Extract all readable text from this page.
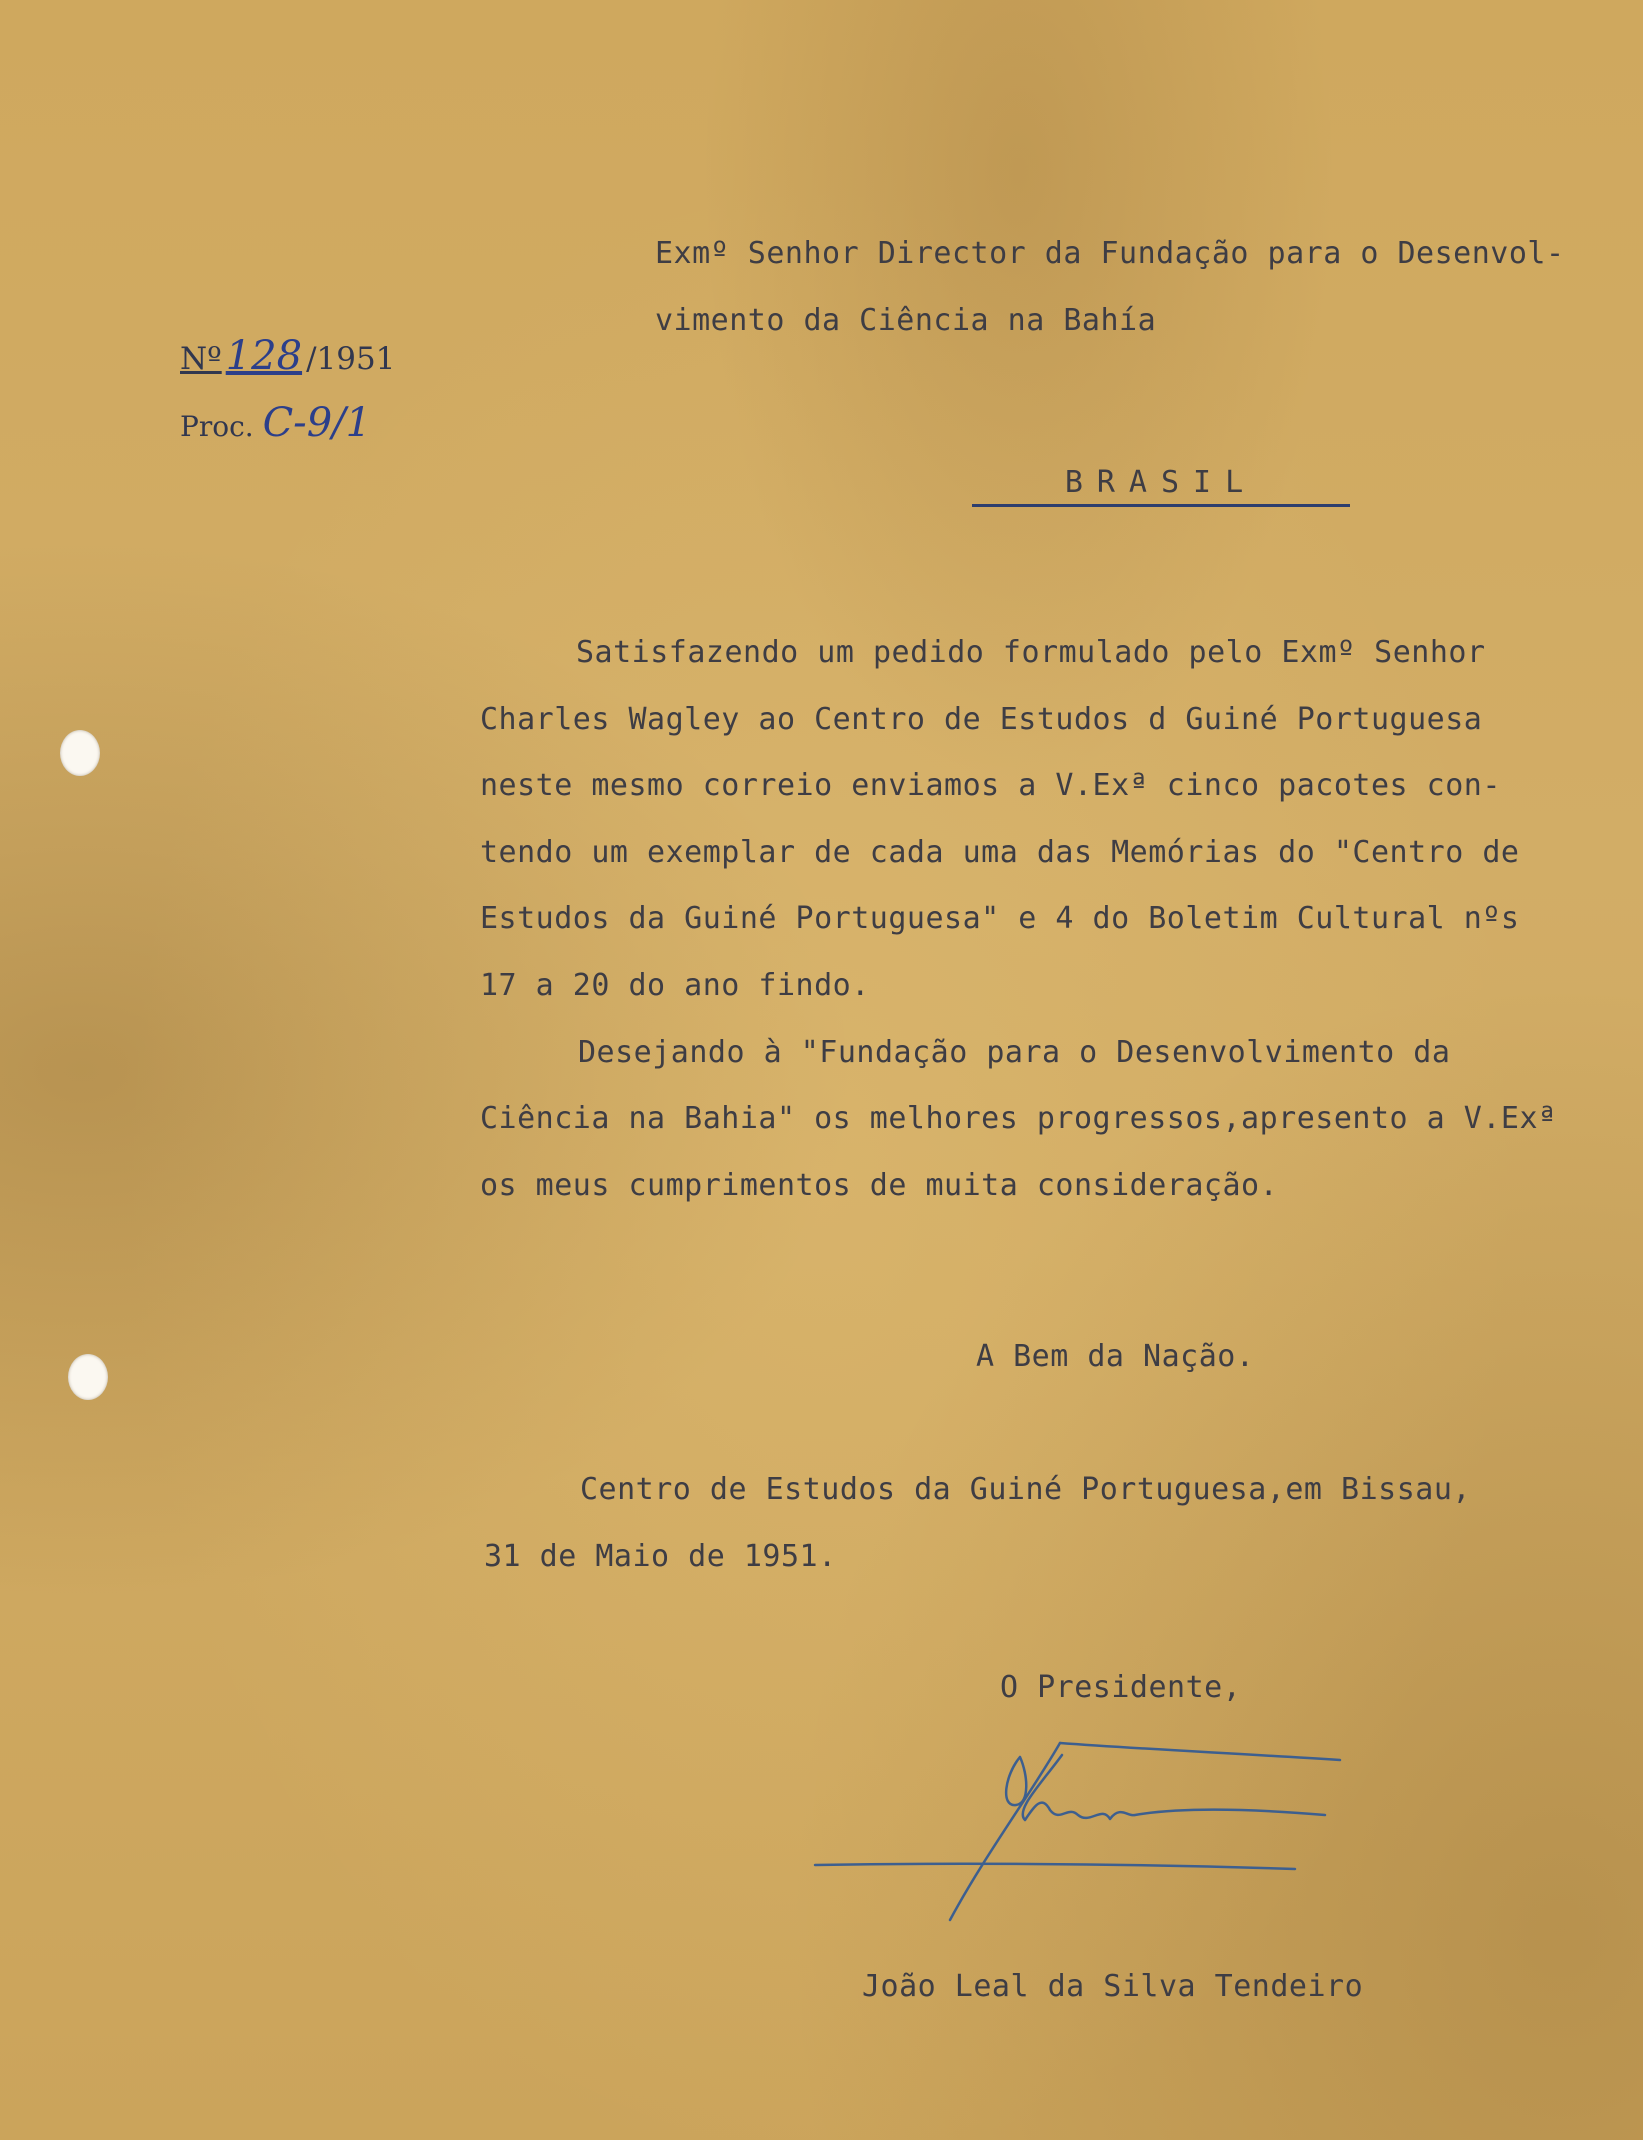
Exmº Senhor Director da Fundação para o Desenvol-
vimento da Ciência na Bahía
Nº 128 /1951
Proc. C-9/1
BRASIL
Satisfazendo um pedido formulado pelo Exmº Senhor
Charles Wagley ao Centro de Estudos d Guiné Portuguesa
neste mesmo correio enviamos a V.Exª cinco pacotes con-
tendo um exemplar de cada uma das Memórias do "Centro de
Estudos da Guiné Portuguesa" e 4 do Boletim Cultural nºs
17 a 20 do ano findo.
Desejando à "Fundação para o Desenvolvimento da
Ciência na Bahia" os melhores progressos,apresento a V.Exª
os meus cumprimentos de muita consideração.
A Bem da Nação.
Centro de Estudos da Guiné Portuguesa,em Bissau,
31 de Maio de 1951.
O Presidente,
João Leal da Silva Tendeiro
